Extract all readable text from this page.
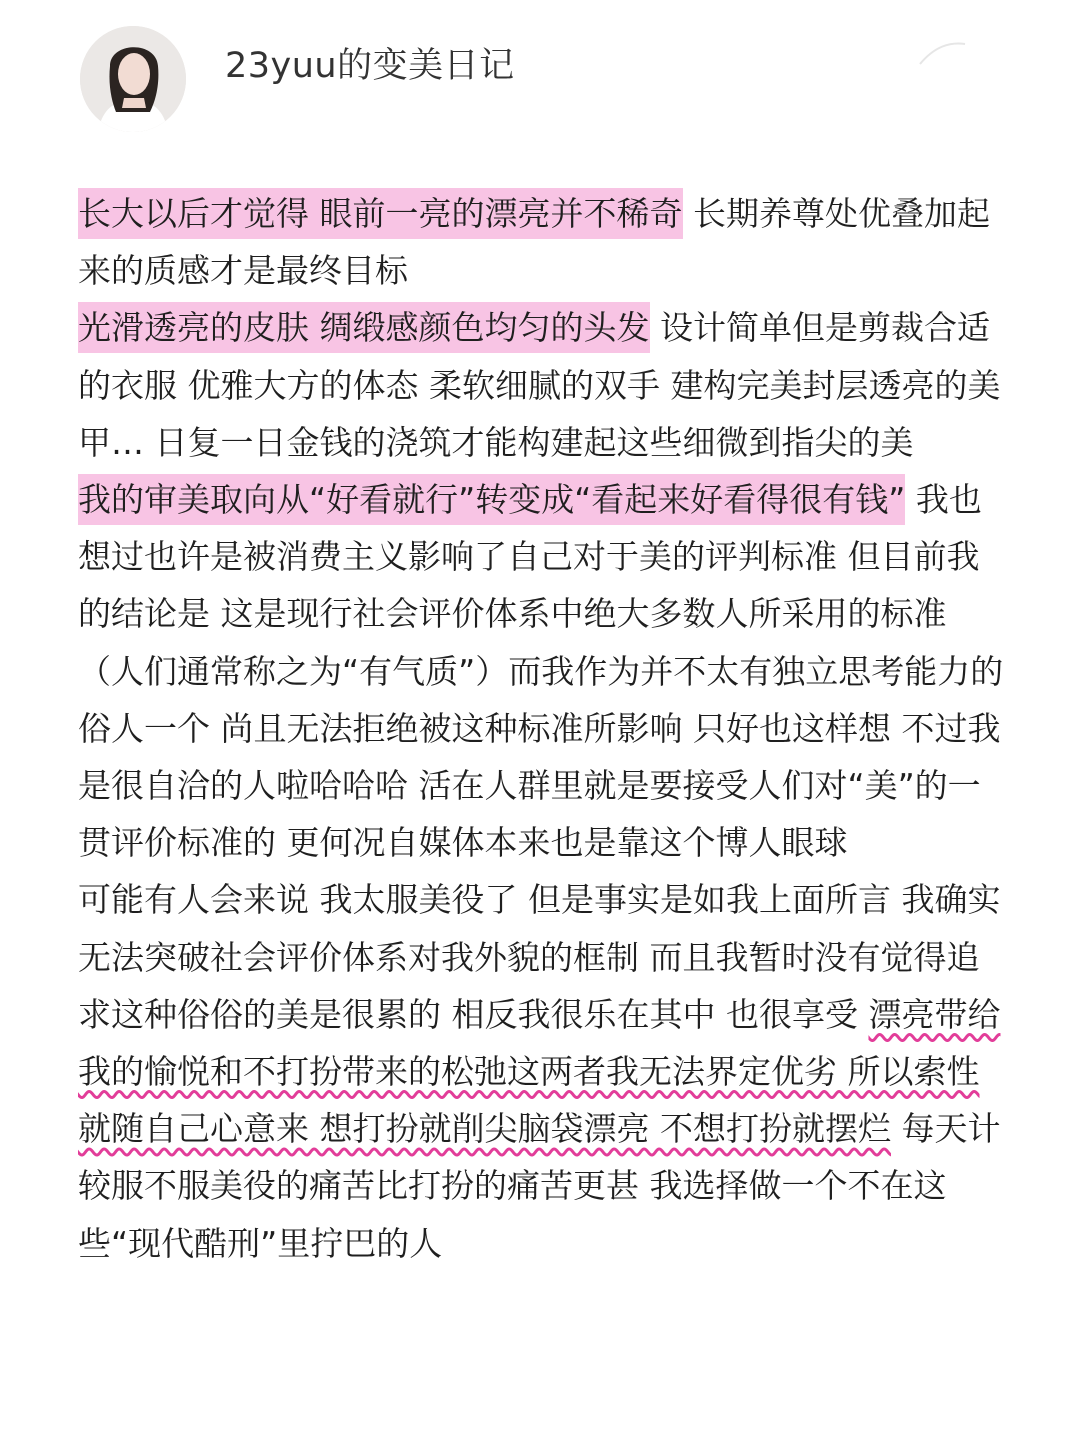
23yuu的变美日记
长大以后才觉得 眼前一亮的漂亮并不稀奇 长期养尊处优叠加起来的质感才是最终目标
光滑透亮的皮肤 绸缎感颜色均匀的头发 设计简单但是剪裁合适的衣服 优雅大方的体态 柔软细腻的双手 建构完美封层透亮的美甲… 日复一日金钱的浇筑才能构建起这些细微到指尖的美
我的审美取向从“好看就行”转变成“看起来好看得很有钱” 我也想过也许是被消费主义影响了自己对于美的评判标准 但目前我的结论是 这是现行社会评价体系中绝大多数人所采用的标准（人们通常称之为“有气质”）而我作为并不太有独立思考能力的俗人一个 尚且无法拒绝被这种标准所影响 只好也这样想 不过我是很自洽的人啦哈哈哈 活在人群里就是要接受人们对“美”的一贯评价标准的 更何况自媒体本来也是靠这个博人眼球
可能有人会来说 我太服美役了 但是事实是如我上面所言 我确实无法突破社会评价体系对我外貌的框制 而且我暂时没有觉得追求这种俗俗的美是很累的 相反我很乐在其中 也很享受 漂亮带给我的愉悦和不打扮带来的松弛这两者我无法界定优劣 所以索性就随自己心意来 想打扮就削尖脑袋漂亮 不想打扮就摆烂 每天计较服不服美役的痛苦比打扮的痛苦更甚 我选择做一个不在这些“现代酷刑”里拧巴的人
